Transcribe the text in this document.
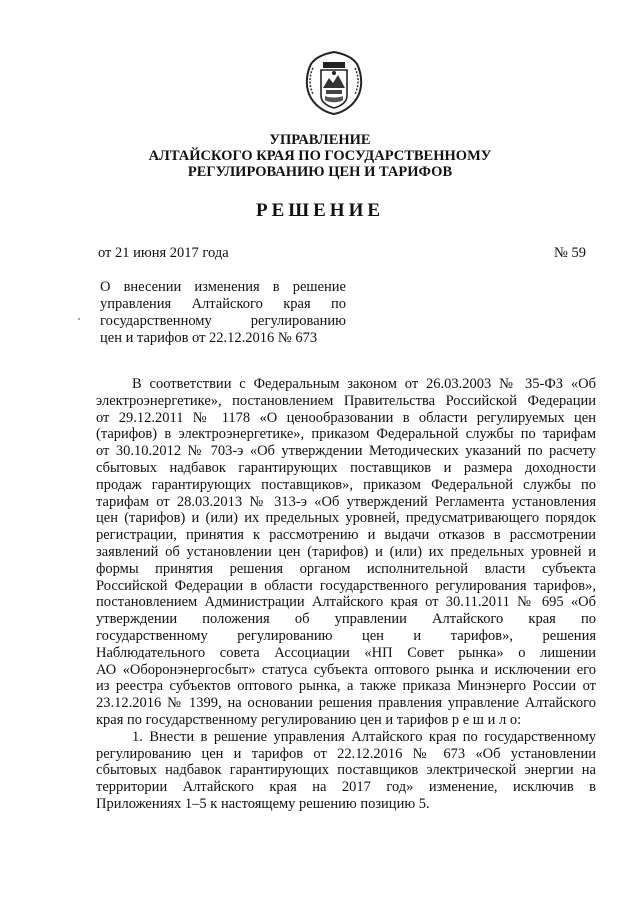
УПРАВЛЕНИЕ
АЛТАЙСКОГО КРАЯ ПО ГОСУДАРСТВЕННОМУ
РЕГУЛИРОВАНИЮ ЦЕН И ТАРИФОВ
РЕШЕНИЕ
от 21 июня 2017 года	№ 59
О внесении изменения в решение
управления Алтайского края по
государственному регулированию
цен и тарифов от 22.12.2016 № 673
В соответствии с Федеральным законом от 26.03.2003 № 35-ФЗ «Об
электроэнергетике», постановлением Правительства Российской Федерации
от 29.12.2011 № 1178 «О ценообразовании в области регулируемых цен
(тарифов) в электроэнергетике», приказом Федеральной службы по тарифам
от 30.10.2012 № 703-э «Об утверждении Методических указаний по расчету
сбытовых надбавок гарантирующих поставщиков и размера доходности
продаж гарантирующих поставщиков», приказом Федеральной службы по
тарифам от 28.03.2013 № 313-э «Об утверждений Регламента установления
цен (тарифов) и (или) их предельных уровней, предусматривающего порядок
регистрации, принятия к рассмотрению и выдачи отказов в рассмотрении
заявлений об установлении цен (тарифов) и (или) их предельных уровней и
формы принятия решения органом исполнительной власти субъекта
Российской Федерации в области государственного регулирования тарифов»,
постановлением Администрации Алтайского края от 30.11.2011 № 695 «Об
утверждении положения об управлении Алтайского края по
государственному регулированию цен и тарифов», решения
Наблюдательного совета Ассоциации «НП Совет рынка» о лишении
АО «Оборонэнергосбыт» статуса субъекта оптового рынка и исключении его
из реестра субъектов оптового рынка, а также приказа Минэнерго России от
23.12.2016 № 1399, на основании решения правления управление Алтайского
края по государственному регулированию цен и тарифов р е ш и л о:
1. Внести в решение управления Алтайского края по государственному
регулированию цен и тарифов от 22.12.2016 № 673 «Об установлении
сбытовых надбавок гарантирующих поставщиков электрической энергии на
территории Алтайского края на 2017 год» изменение, исключив в
Приложениях 1–5 к настоящему решению позицию 5.
